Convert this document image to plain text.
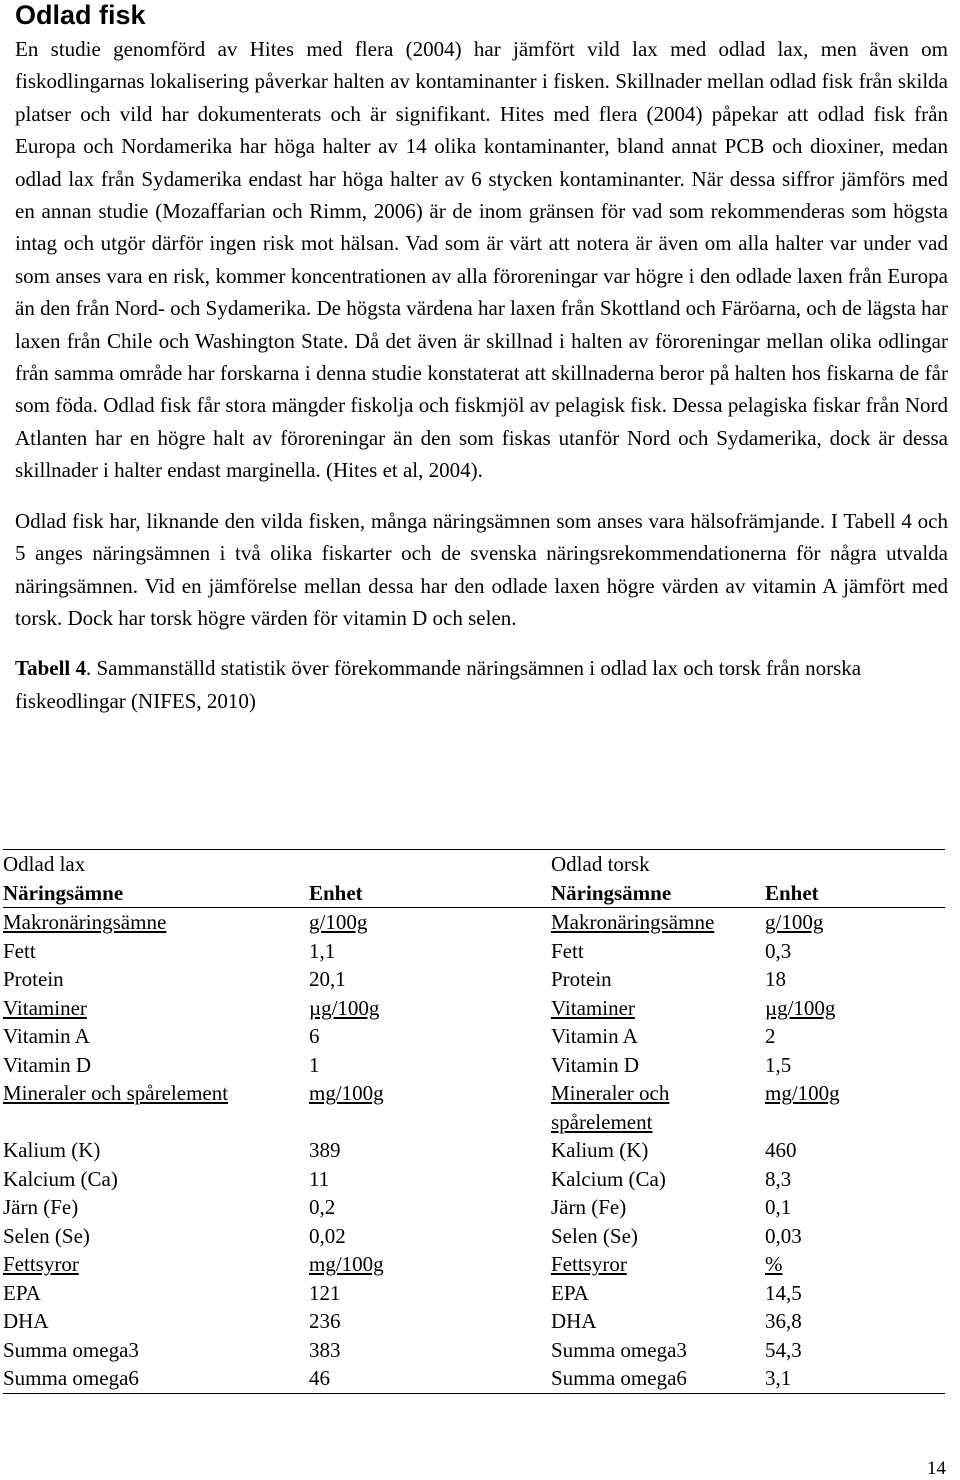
Odlad fisk

En studie genomförd av Hites med flera (2004) har jämfört vild lax med odlad lax, men även om fiskodlingarnas lokalisering påverkar halten av kontaminanter i fisken. Skillnader mellan odlad fisk från skilda platser och vild har dokumenterats och är signifikant. Hites med flera (2004) påpekar att odlad fisk från Europa och Nordamerika har höga halter av 14 olika kontaminanter, bland annat PCB och dioxiner, medan odlad lax från Sydamerika endast har höga halter av 6 stycken kontaminanter. När dessa siffror jämförs med en annan studie (Mozaffarian och Rimm, 2006) är de inom gränsen för vad som rekommenderas som högsta intag och utgör därför ingen risk mot hälsan. Vad som är värt att notera är även om alla halter var under vad som anses vara en risk, kommer koncentrationen av alla föroreningar var högre i den odlade laxen från Europa än den från Nord- och Sydamerika. De högsta värdena har laxen från Skottland och Färöarna, och de lägsta har laxen från Chile och Washington State. Då det även är skillnad i halten av föroreningar mellan olika odlingar från samma område har forskarna i denna studie konstaterat att skillnaderna beror på halten hos fiskarna de får som föda. Odlad fisk får stora mängder fiskolja och fiskmjöl av pelagisk fisk. Dessa pelagiska fiskar från Nord Atlanten har en högre halt av föroreningar än den som fiskas utanför Nord och Sydamerika, dock är dessa skillnader i halter endast marginella. (Hites et al, 2004).

Odlad fisk har, liknande den vilda fisken, många näringsämnen som anses vara hälsofrämjande. I Tabell 4 och 5 anges näringsämnen i två olika fiskarter och de svenska näringsrekommendationerna för några utvalda näringsämnen. Vid en jämförelse mellan dessa har den odlade laxen högre värden av vitamin A jämfört med torsk. Dock har torsk högre värden för vitamin D och selen.

Tabell 4. Sammanställd statistik över förekommande näringsämnen i odlad lax och torsk från norska fiskeodlingar (NIFES, 2010)

Odlad lax		Odlad torsk	
Näringsämne	Enhet	Näringsämne	Enhet
Makronäringsämne	g/100g	Makronäringsämne	g/100g
Fett	1,1	Fett	0,3
Protein	20,1	Protein	18
Vitaminer	µg/100g	Vitaminer	µg/100g
Vitamin A	6	Vitamin A	2
Vitamin D	1	Vitamin D	1,5
Mineraler och spårelement	mg/100g	Mineraler och spårelement	mg/100g
Kalium (K)	389	Kalium (K)	460
Kalcium (Ca)	11	Kalcium (Ca)	8,3
Järn (Fe)	0,2	Järn (Fe)	0,1
Selen (Se)	0,02	Selen (Se)	0,03
Fettsyror	mg/100g	Fettsyror	%
EPA	121	EPA	14,5
DHA	236	DHA	36,8
Summa omega3	383	Summa omega3	54,3
Summa omega6	46	Summa omega6	3,1
14
